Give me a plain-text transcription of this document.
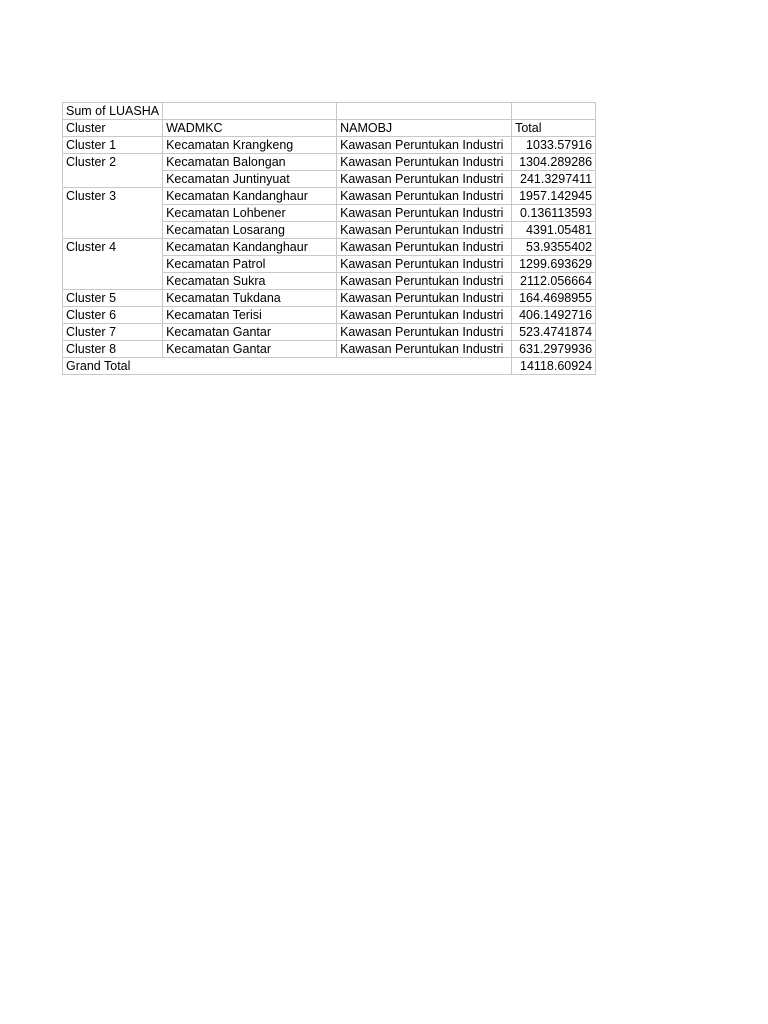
Sum of LUASHA			
Cluster	WADMKC	NAMOBJ	Total
Cluster 1	Kecamatan Krangkeng	Kawasan Peruntukan Industri	1033.57916
Cluster 2	Kecamatan Balongan	Kawasan Peruntukan Industri	1304.289286
	Kecamatan Juntinyuat	Kawasan Peruntukan Industri	241.3297411
Cluster 3	Kecamatan Kandanghaur	Kawasan Peruntukan Industri	1957.142945
	Kecamatan Lohbener	Kawasan Peruntukan Industri	0.136113593
	Kecamatan Losarang	Kawasan Peruntukan Industri	4391.05481
Cluster 4	Kecamatan Kandanghaur	Kawasan Peruntukan Industri	53.9355402
	Kecamatan Patrol	Kawasan Peruntukan Industri	1299.693629
	Kecamatan Sukra	Kawasan Peruntukan Industri	2112.056664
Cluster 5	Kecamatan Tukdana	Kawasan Peruntukan Industri	164.4698955
Cluster 6	Kecamatan Terisi	Kawasan Peruntukan Industri	406.1492716
Cluster 7	Kecamatan Gantar	Kawasan Peruntukan Industri	523.4741874
Cluster 8	Kecamatan Gantar	Kawasan Peruntukan Industri	631.2979936
Grand Total			14118.60924
